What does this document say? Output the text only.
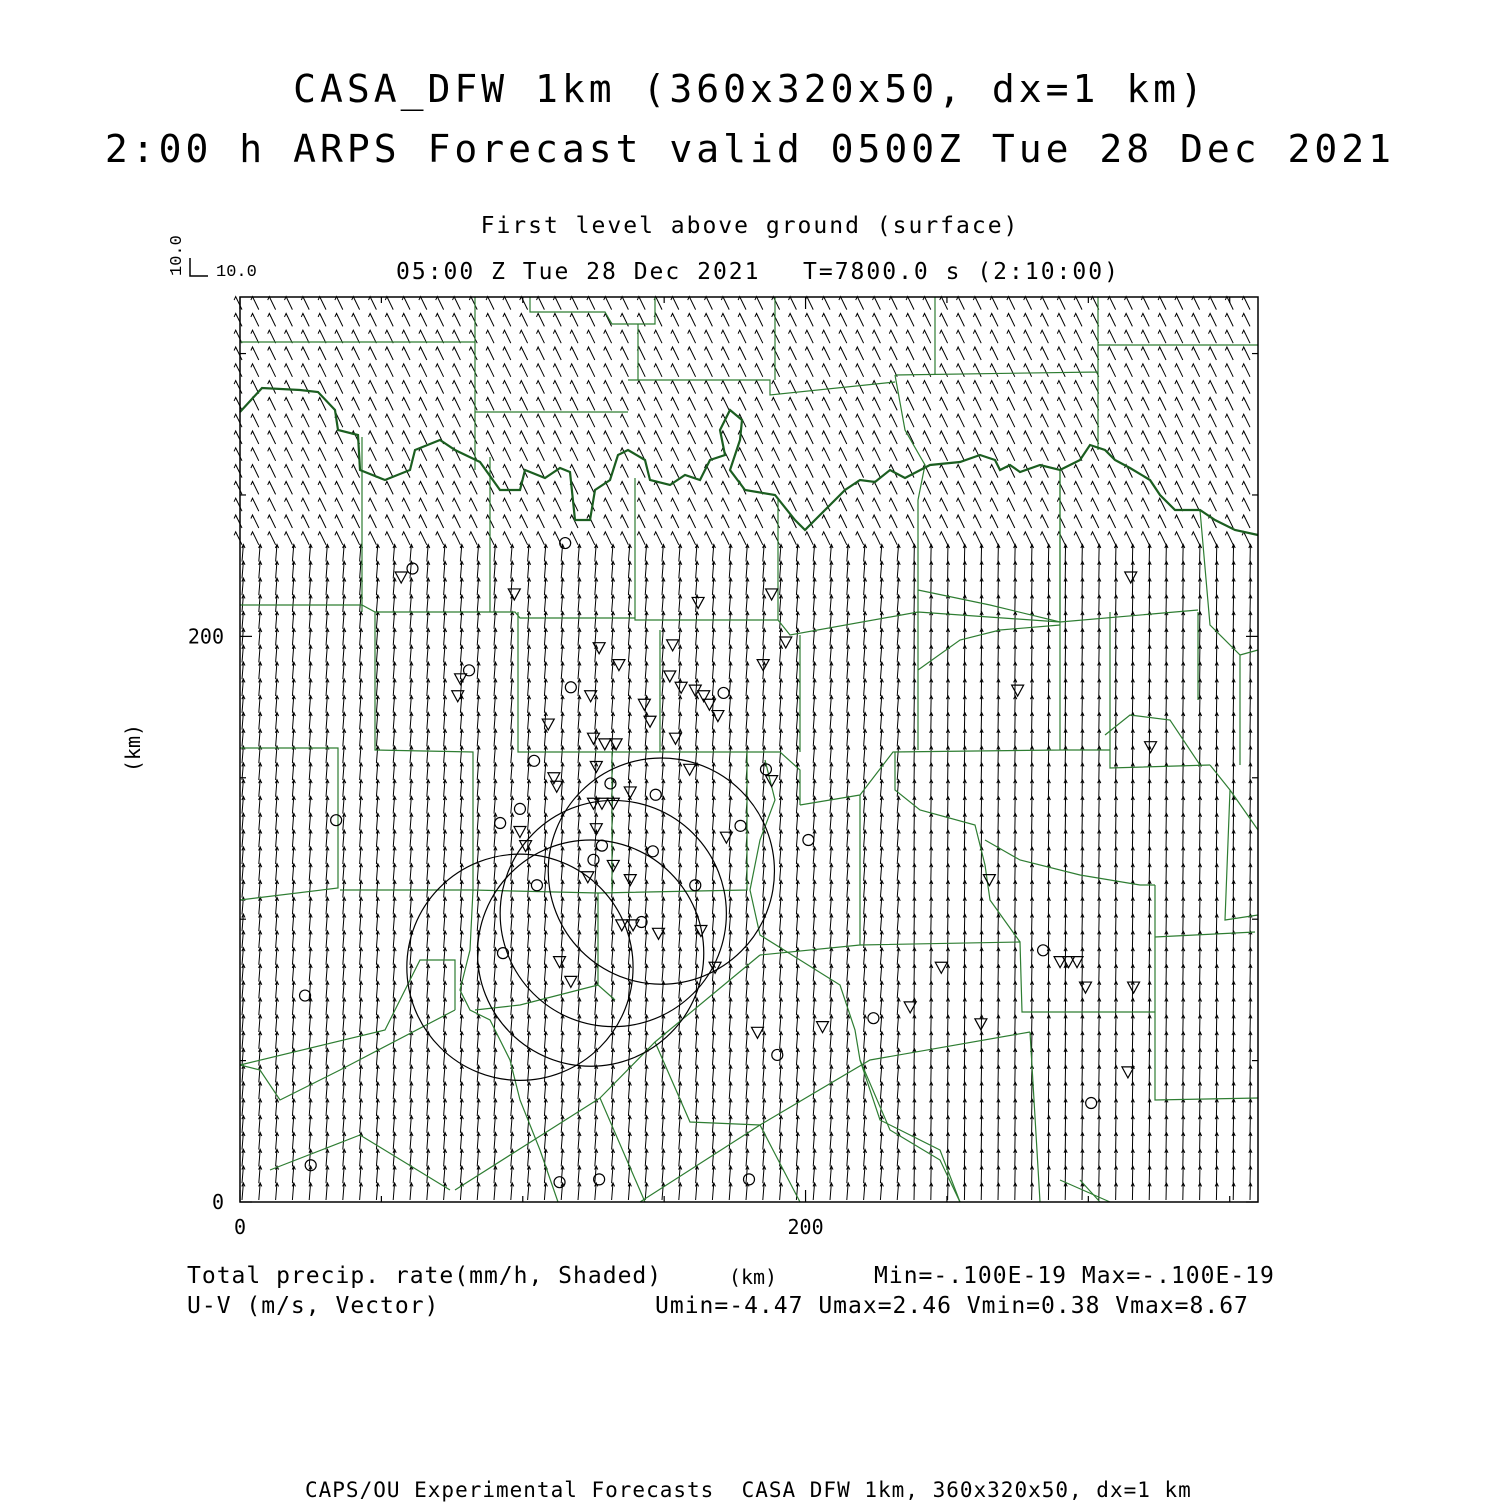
CASA_DFW 1km (360x320x50, dx=1 km)
2:00 h ARPS Forecast valid 0500Z Tue 28 Dec 2021
First level above ground (surface)
05:00 Z Tue 28 Dec 2021 T=7800.0 s (2:10:00)
10.0
10.0
0	200
0
200
(km)
(km)
Total precip. rate(mm/h, Shaded)
U-V (m/s, Vector)
Min=-.100E-19 Max=-.100E-19
Umin=-4.47 Umax=2.46 Vmin=0.38 Vmax=8.67
CAPS/OU Experimental Forecasts  CASA DFW 1km, 360x320x50, dx=1 km
